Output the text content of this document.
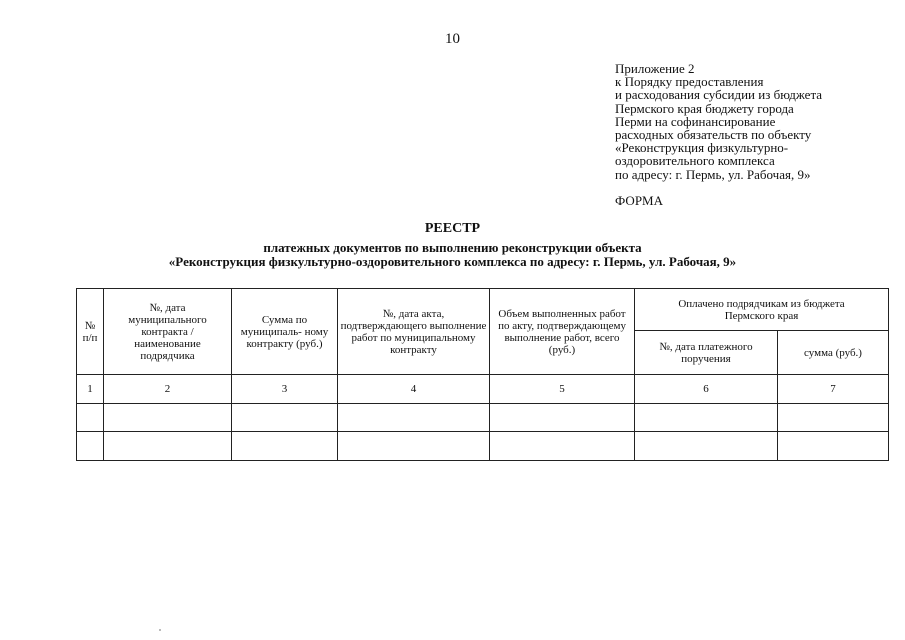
10
Приложение 2
к Порядку предоставления
и расходования субсидии из бюджета
Пермского края бюджету города
Перми на софинансирование
расходных обязательств по объекту
«Реконструкция физкультурно-
оздоровительного комплекса
по адресу: г. Пермь, ул. Рабочая, 9»
ФОРМА
РЕЕСТР
платежных документов по выполнению реконструкции объекта
«Реконструкция физкультурно-оздоровительного комплекса по адресу: г. Пермь, ул. Рабочая, 9»
№ п/п	№, дата муниципального контракта / наименование подрядчика	Сумма по муниципаль- ному контракту (руб.)	№, дата акта, подтверждающего выполнение работ по муниципальному контракту	Объем выполненных работ по акту, подтверждающему выполнение работ, всего (руб.)	Оплачено подрядчикам из бюджета Пермского края	
					№, дата платежного поручения	сумма (руб.)
1	2	3	4	5	6	7
